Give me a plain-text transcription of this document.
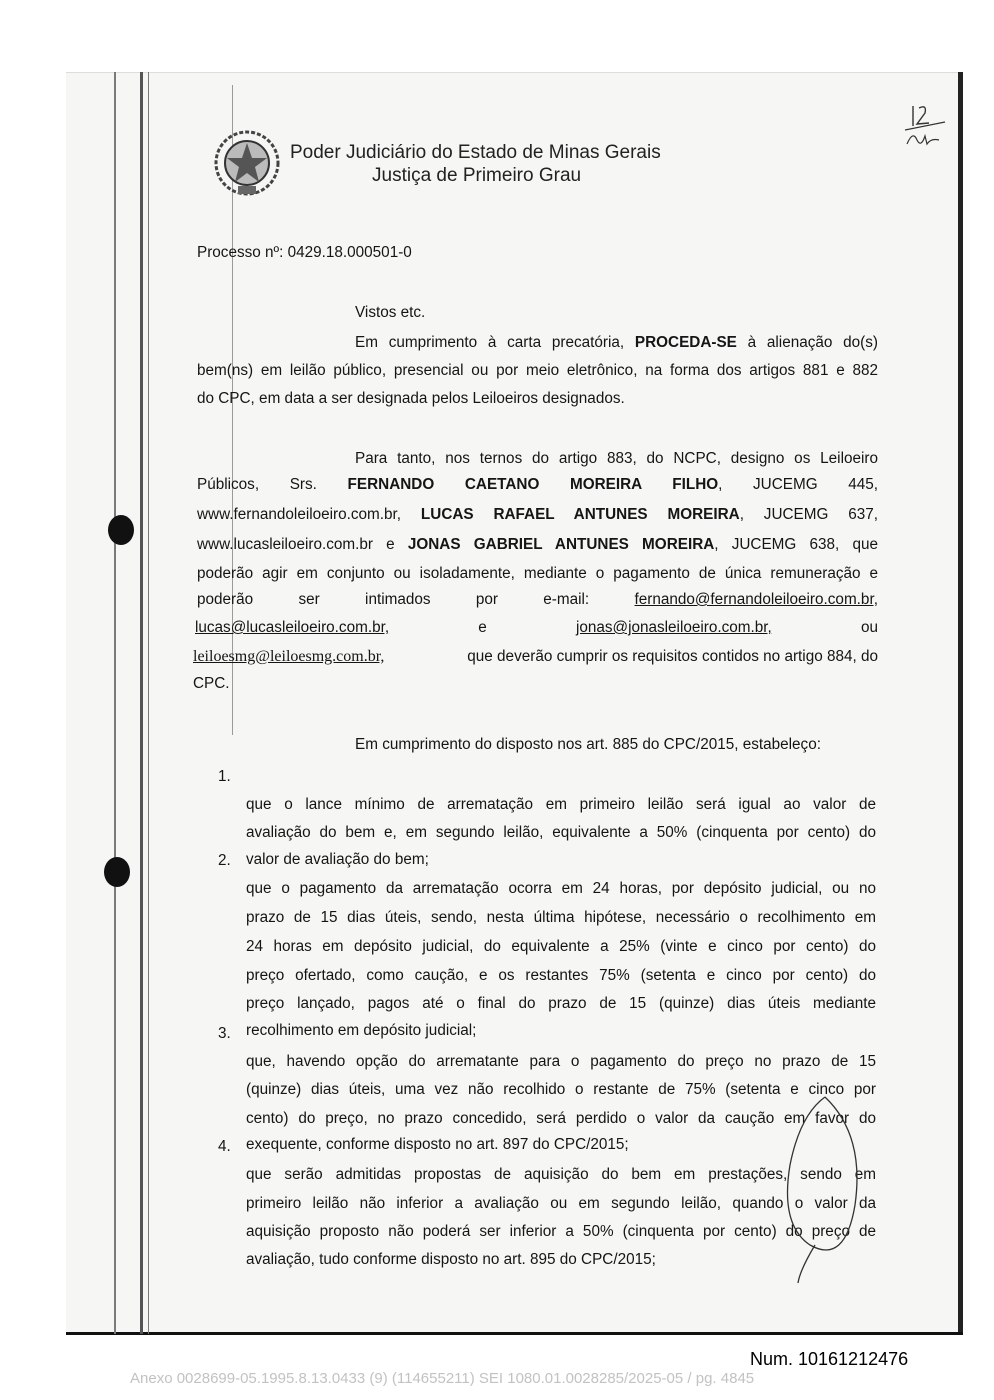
Poder Judiciário do Estado de Minas Gerais
Justiça de Primeiro Grau
Processo nº: 0429.18.000501-0
Vistos etc.
Em cumprimento à carta precatória, PROCEDA-SE à alienação do(s)
bem(ns) em leilão público, presencial ou por meio eletrônico, na forma dos artigos 881 e 882
do CPC, em data a ser designada pelos Leiloeiros designados.
Para tanto, nos ternos do artigo 883, do NCPC, designo os Leiloeiro
Públicos, Srs. FERNANDO CAETANO MOREIRA FILHO, JUCEMG 445,
www.fernandoleiloeiro.com.br, LUCAS RAFAEL ANTUNES MOREIRA, JUCEMG 637,
www.lucasleiloeiro.com.br e JONAS GABRIEL ANTUNES MOREIRA, JUCEMG 638, que
poderão agir em conjunto ou isoladamente, mediante o pagamento de única remuneração e
poderão	ser	intimados	por	e-mail:	fernando@fernandoleiloeiro.com.br,
lucas@lucasleiloeiro.com.br,	e	jonas@jonasleiloeiro.com.br,	ou
leiloesmg@leiloesmg.com.br,	que deverão cumprir os requisitos contidos no artigo 884, do
CPC.
Em cumprimento do disposto nos art. 885 do CPC/2015, estabeleço:
1.
que o lance mínimo de arrematação em primeiro leilão será igual ao valor de
avaliação do bem e, em segundo leilão, equivalente a 50% (cinquenta por cento) do
valor de avaliação do bem;
2.
que o pagamento da arrematação ocorra em 24 horas, por depósito judicial, ou no
prazo de 15 dias úteis, sendo, nesta última hipótese, necessário o recolhimento em
24 horas em depósito judicial, do equivalente a 25% (vinte e cinco por cento) do
preço ofertado, como caução, e os restantes 75% (setenta e cinco por cento) do
preço lançado, pagos até o final do prazo de 15 (quinze) dias úteis mediante
recolhimento em depósito judicial;
3.
que, havendo opção do arrematante para o pagamento do preço no prazo de 15
(quinze) dias úteis, uma vez não recolhido o restante de 75% (setenta e cinco por
cento) do preço, no prazo concedido, será perdido o valor da caução em favor do
exequente, conforme disposto no art. 897 do CPC/2015;
4.
que serão admitidas propostas de aquisição do bem em prestações, sendo em
primeiro leilão não inferior a avaliação ou em segundo leilão, quando o valor da
aquisição proposto não poderá ser inferior a 50% (cinquenta por cento) do preço de
avaliação, tudo conforme disposto no art. 895 do CPC/2015;
Num. 10161212476
Anexo 0028699-05.1995.8.13.0433 (9) (114655211) SEI 1080.01.0028285/2025-05 / pg. 4845
